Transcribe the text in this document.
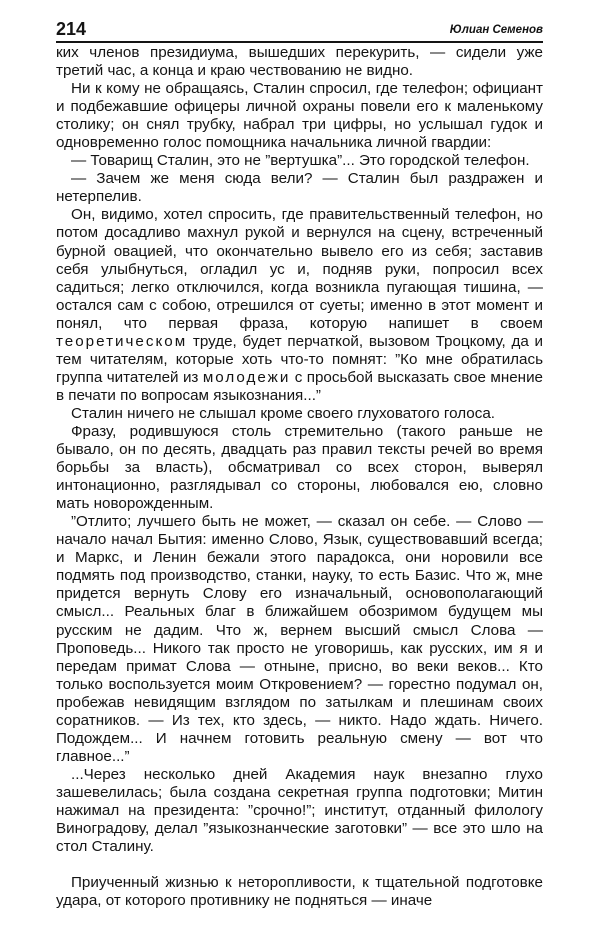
214	Юлиан Семенов

ких членов президиума, вышедших перекурить, — сидели уже третий час, а конца и краю чествованию не видно.

Ни к кому не обращаясь, Сталин спросил, где телефон; официант и подбежавшие офицеры личной охраны повели его к маленькому столику; он снял трубку, набрал три цифры, но услышал гудок и одновременно голос помощника начальника личной гвардии:

— Товарищ Сталин, это не ”вертушка”... Это городской телефон.

— Зачем же меня сюда вели? — Сталин был раздражен и нетерпелив.

Он, видимо, хотел спросить, где правительственный телефон, но потом досадливо махнул рукой и вернулся на сцену, встреченный бурной овацией, что окончательно вывело его из себя; заставив себя улыбнуться, огладил ус и, подняв руки, попросил всех садиться; легко отключился, когда возникла пугающая тишина, — остался сам с собою, отрешился от суеты; именно в этот момент и понял, что первая фраза, которую напишет в своем теоретическом труде, будет перчаткой, вызовом Троцкому, да и тем читателям, которые хоть что-то помнят: ”Ко мне обратилась группа читателей из молодежи с просьбой высказать свое мнение в печати по вопросам языкознания...”

Сталин ничего не слышал кроме своего глуховатого голоса.

Фразу, родившуюся столь стремительно (такого раньше не бывало, он по десять, двадцать раз правил тексты речей во время борьбы за власть), обсматривал со всех сторон, выверял интонационно, разглядывал со стороны, любовался ею, словно мать новорожденным.

”Отлито; лучшего быть не может, — сказал он себе. — Слово — начало начал Бытия: именно Слово, Язык, существовавший всегда; и Маркс, и Ленин бежали этого парадокса, они норовили все подмять под производство, станки, науку, то есть Базис. Что ж, мне придется вернуть Слову его изначальный, основополагающий смысл... Реальных благ в ближайшем обозримом будущем мы русским не дадим. Что ж, вернем высший смысл Слова — Проповедь... Никого так просто не уговоришь, как русских, им я и передам примат Слова — отныне, присно, во веки веков... Кто только воспользуется моим Откровением? — горестно подумал он, пробежав невидящим взглядом по затылкам и плешинам своих соратников. — Из тех, кто здесь, — никто. Надо ждать. Ничего. Подождем... И начнем готовить реальную смену — вот что главное...”

...Через несколько дней Академия наук внезапно глухо зашевелилась; была создана секретная группа подготовки; Митин нажимал на президента: ”срочно!”; институт, отданный филологу Виноградову, делал ”языкознанческие заготовки” — все это шло на стол Сталину.

Приученный жизнью к неторопливости, к тщательной подготовке удара, от которого противнику не подняться — иначе
